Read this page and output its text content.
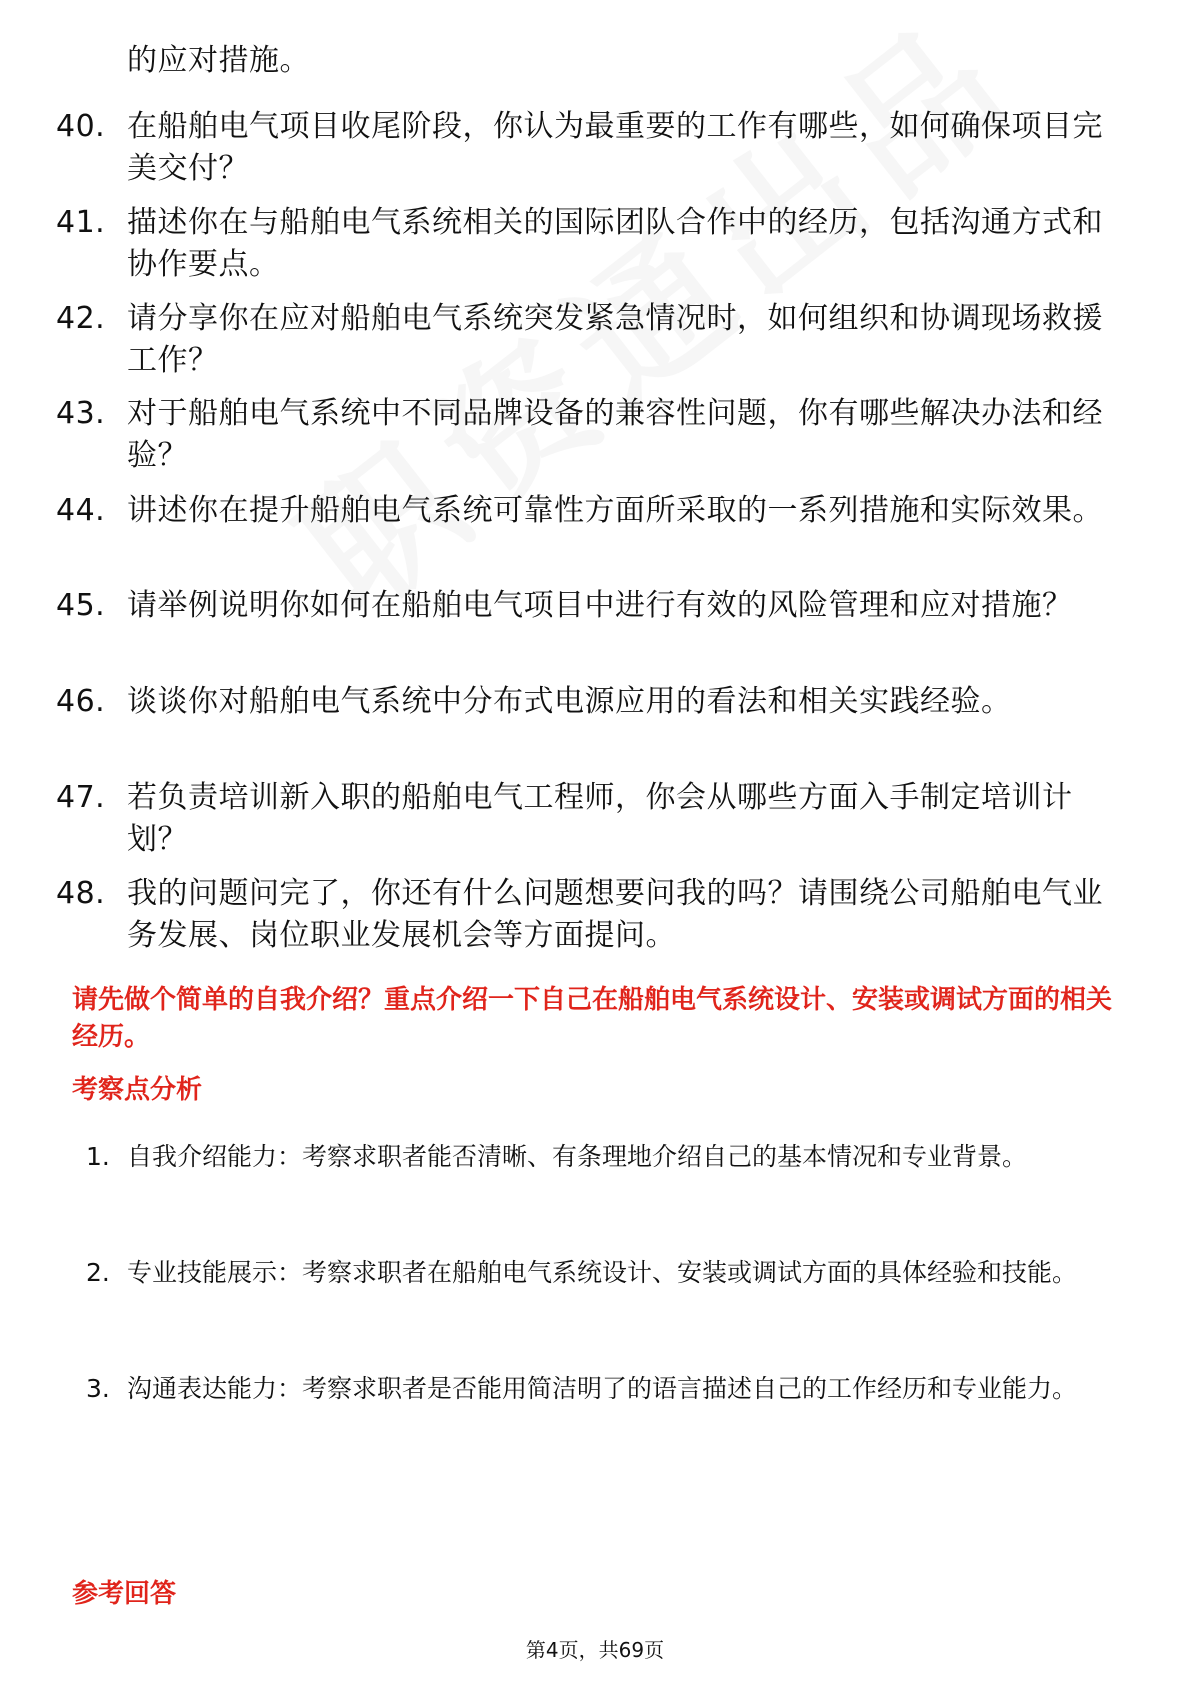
的应对措施。
40. 在船舶电气项目收尾阶段，你认为最重要的工作有哪些，如何确保项目完美交付？
41. 描述你在与船舶电气系统相关的国际团队合作中的经历，包括沟通方式和协作要点。
42. 请分享你在应对船舶电气系统突发紧急情况时，如何组织和协调现场救援工作？
43. 对于船舶电气系统中不同品牌设备的兼容性问题，你有哪些解决办法和经验？
44. 讲述你在提升船舶电气系统可靠性方面所采取的一系列措施和实际效果。
45. 请举例说明你如何在船舶电气项目中进行有效的风险管理和应对措施？
46. 谈谈你对船舶电气系统中分布式电源应用的看法和相关实践经验。
47. 若负责培训新入职的船舶电气工程师，你会从哪些方面入手制定培训计划？
48. 我的问题问完了，你还有什么问题想要问我的吗？请围绕公司船舶电气业务发展、岗位职业发展机会等方面提问。
请先做个简单的自我介绍？重点介绍一下自己在船舶电气系统设计、安装或调试方面的相关经历。
考察点分析
1. 自我介绍能力：考察求职者能否清晰、有条理地介绍自己的基本情况和专业背景。
2. 专业技能展示：考察求职者在船舶电气系统设计、安装或调试方面的具体经验和技能。
3. 沟通表达能力：考察求职者是否能用简洁明了的语言描述自己的工作经历和专业能力。
参考回答
第4页，共69页
